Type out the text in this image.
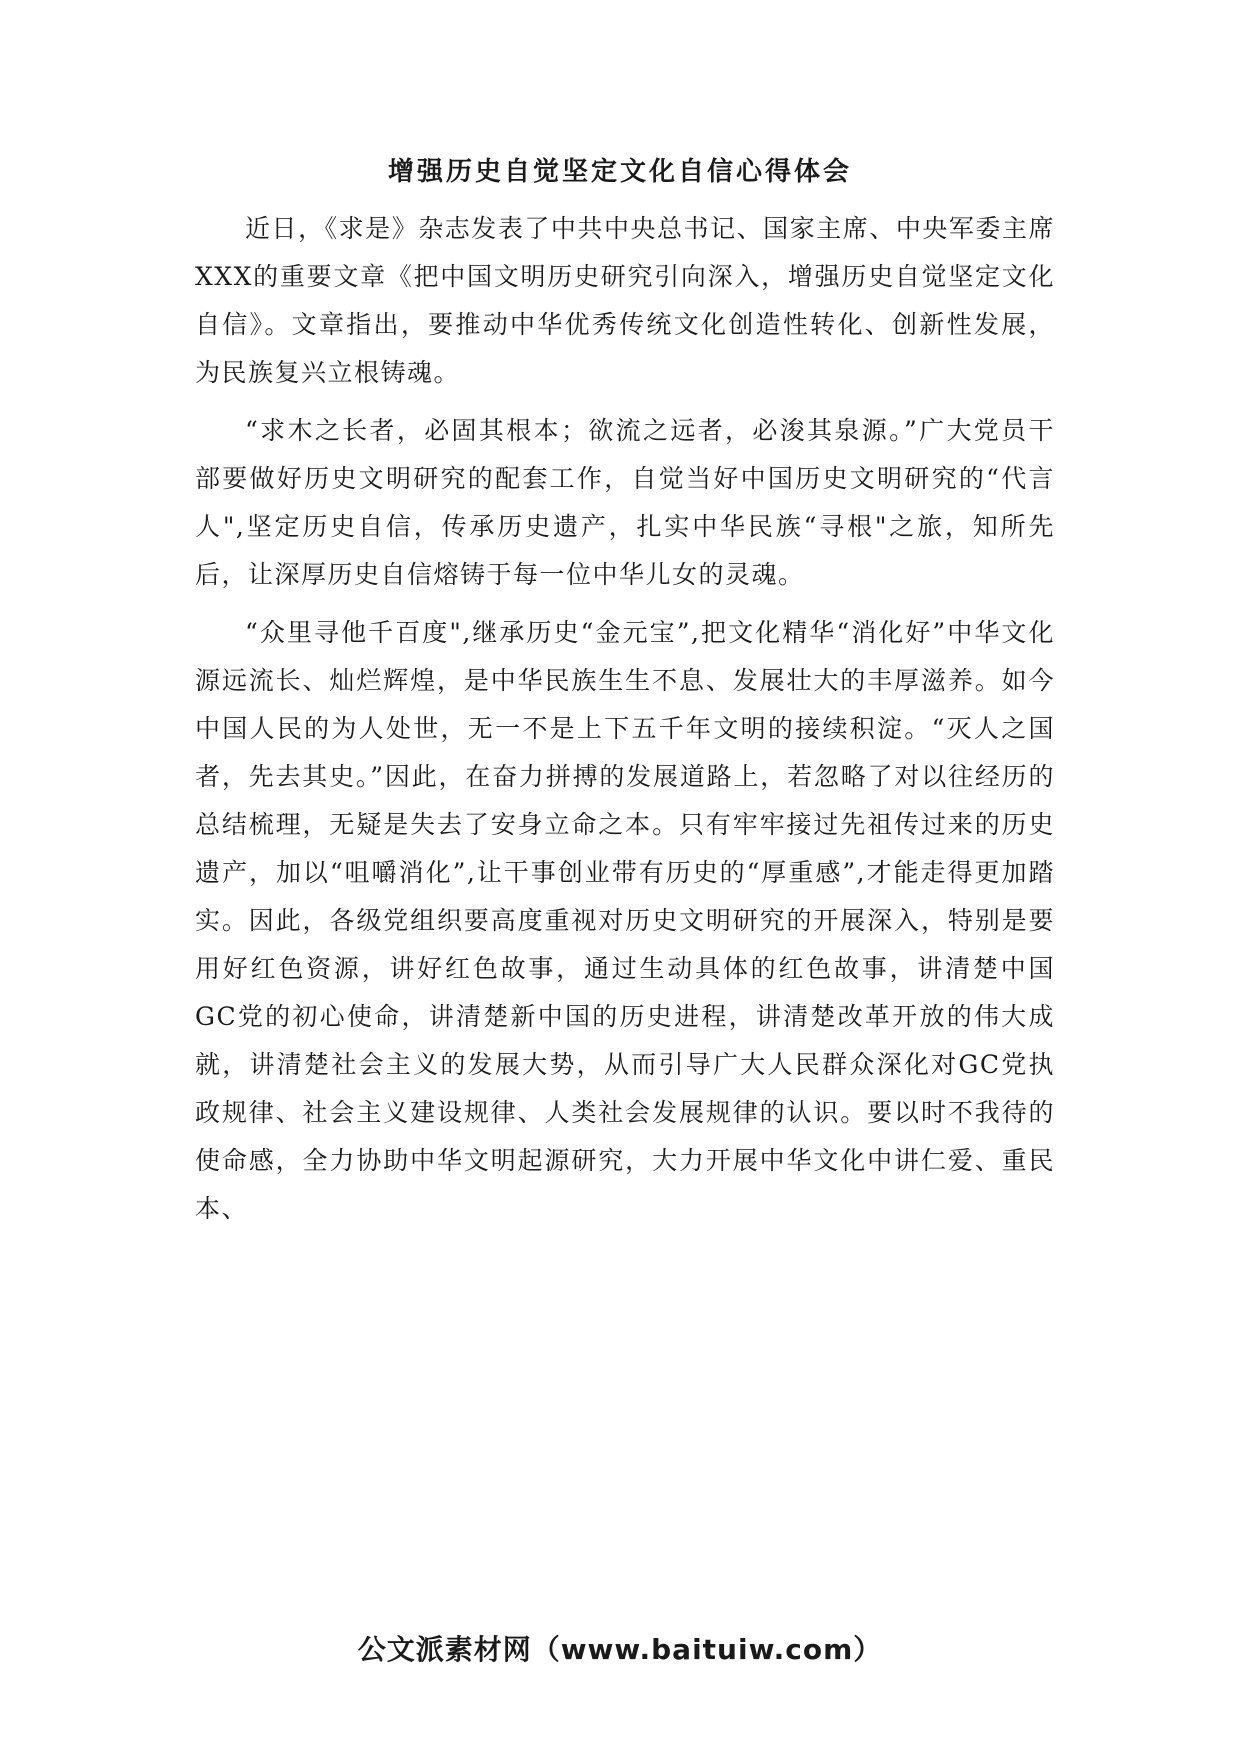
增强历史自觉坚定文化自信心得体会

近日，《求是》杂志发表了中共中央总书记、国家主席、中央军委主席XXX的重要文章《把中国文明历史研究引向深入，增强历史自觉坚定文化自信》。文章指出，要推动中华优秀传统文化创造性转化、创新性发展，为民族复兴立根铸魂。

“求木之长者，必固其根本；欲流之远者，必浚其泉源。”广大党员干部要做好历史文明研究的配套工作，自觉当好中国历史文明研究的“代言人",坚定历史自信，传承历史遗产，扎实中华民族“寻根"之旅，知所先后，让深厚历史自信熔铸于每一位中华儿女的灵魂。

“众里寻他千百度",继承历史“金元宝”,把文化精华“消化好”中华文化源远流长、灿烂辉煌，是中华民族生生不息、发展壮大的丰厚滋养。如今中国人民的为人处世，无一不是上下五千年文明的接续积淀。“灭人之国者，先去其史。”因此，在奋力拼搏的发展道路上，若忽略了对以往经历的总结梳理，无疑是失去了安身立命之本。只有牢牢接过先祖传过来的历史遗产，加以“咀嚼消化”,让干事创业带有历史的“厚重感”,才能走得更加踏实。因此，各级党组织要高度重视对历史文明研究的开展深入，特别是要用好红色资源，讲好红色故事，通过生动具体的红色故事，讲清楚中国GC党的初心使命，讲清楚新中国的历史进程，讲清楚改革开放的伟大成就，讲清楚社会主义的发展大势，从而引导广大人民群众深化对GC党执政规律、社会主义建设规律、人类社会发展规律的认识。要以时不我待的使命感，全力协助中华文明起源研究，大力开展中华文化中讲仁爱、重民本、

公文派素材网（www.baituiw.com）
